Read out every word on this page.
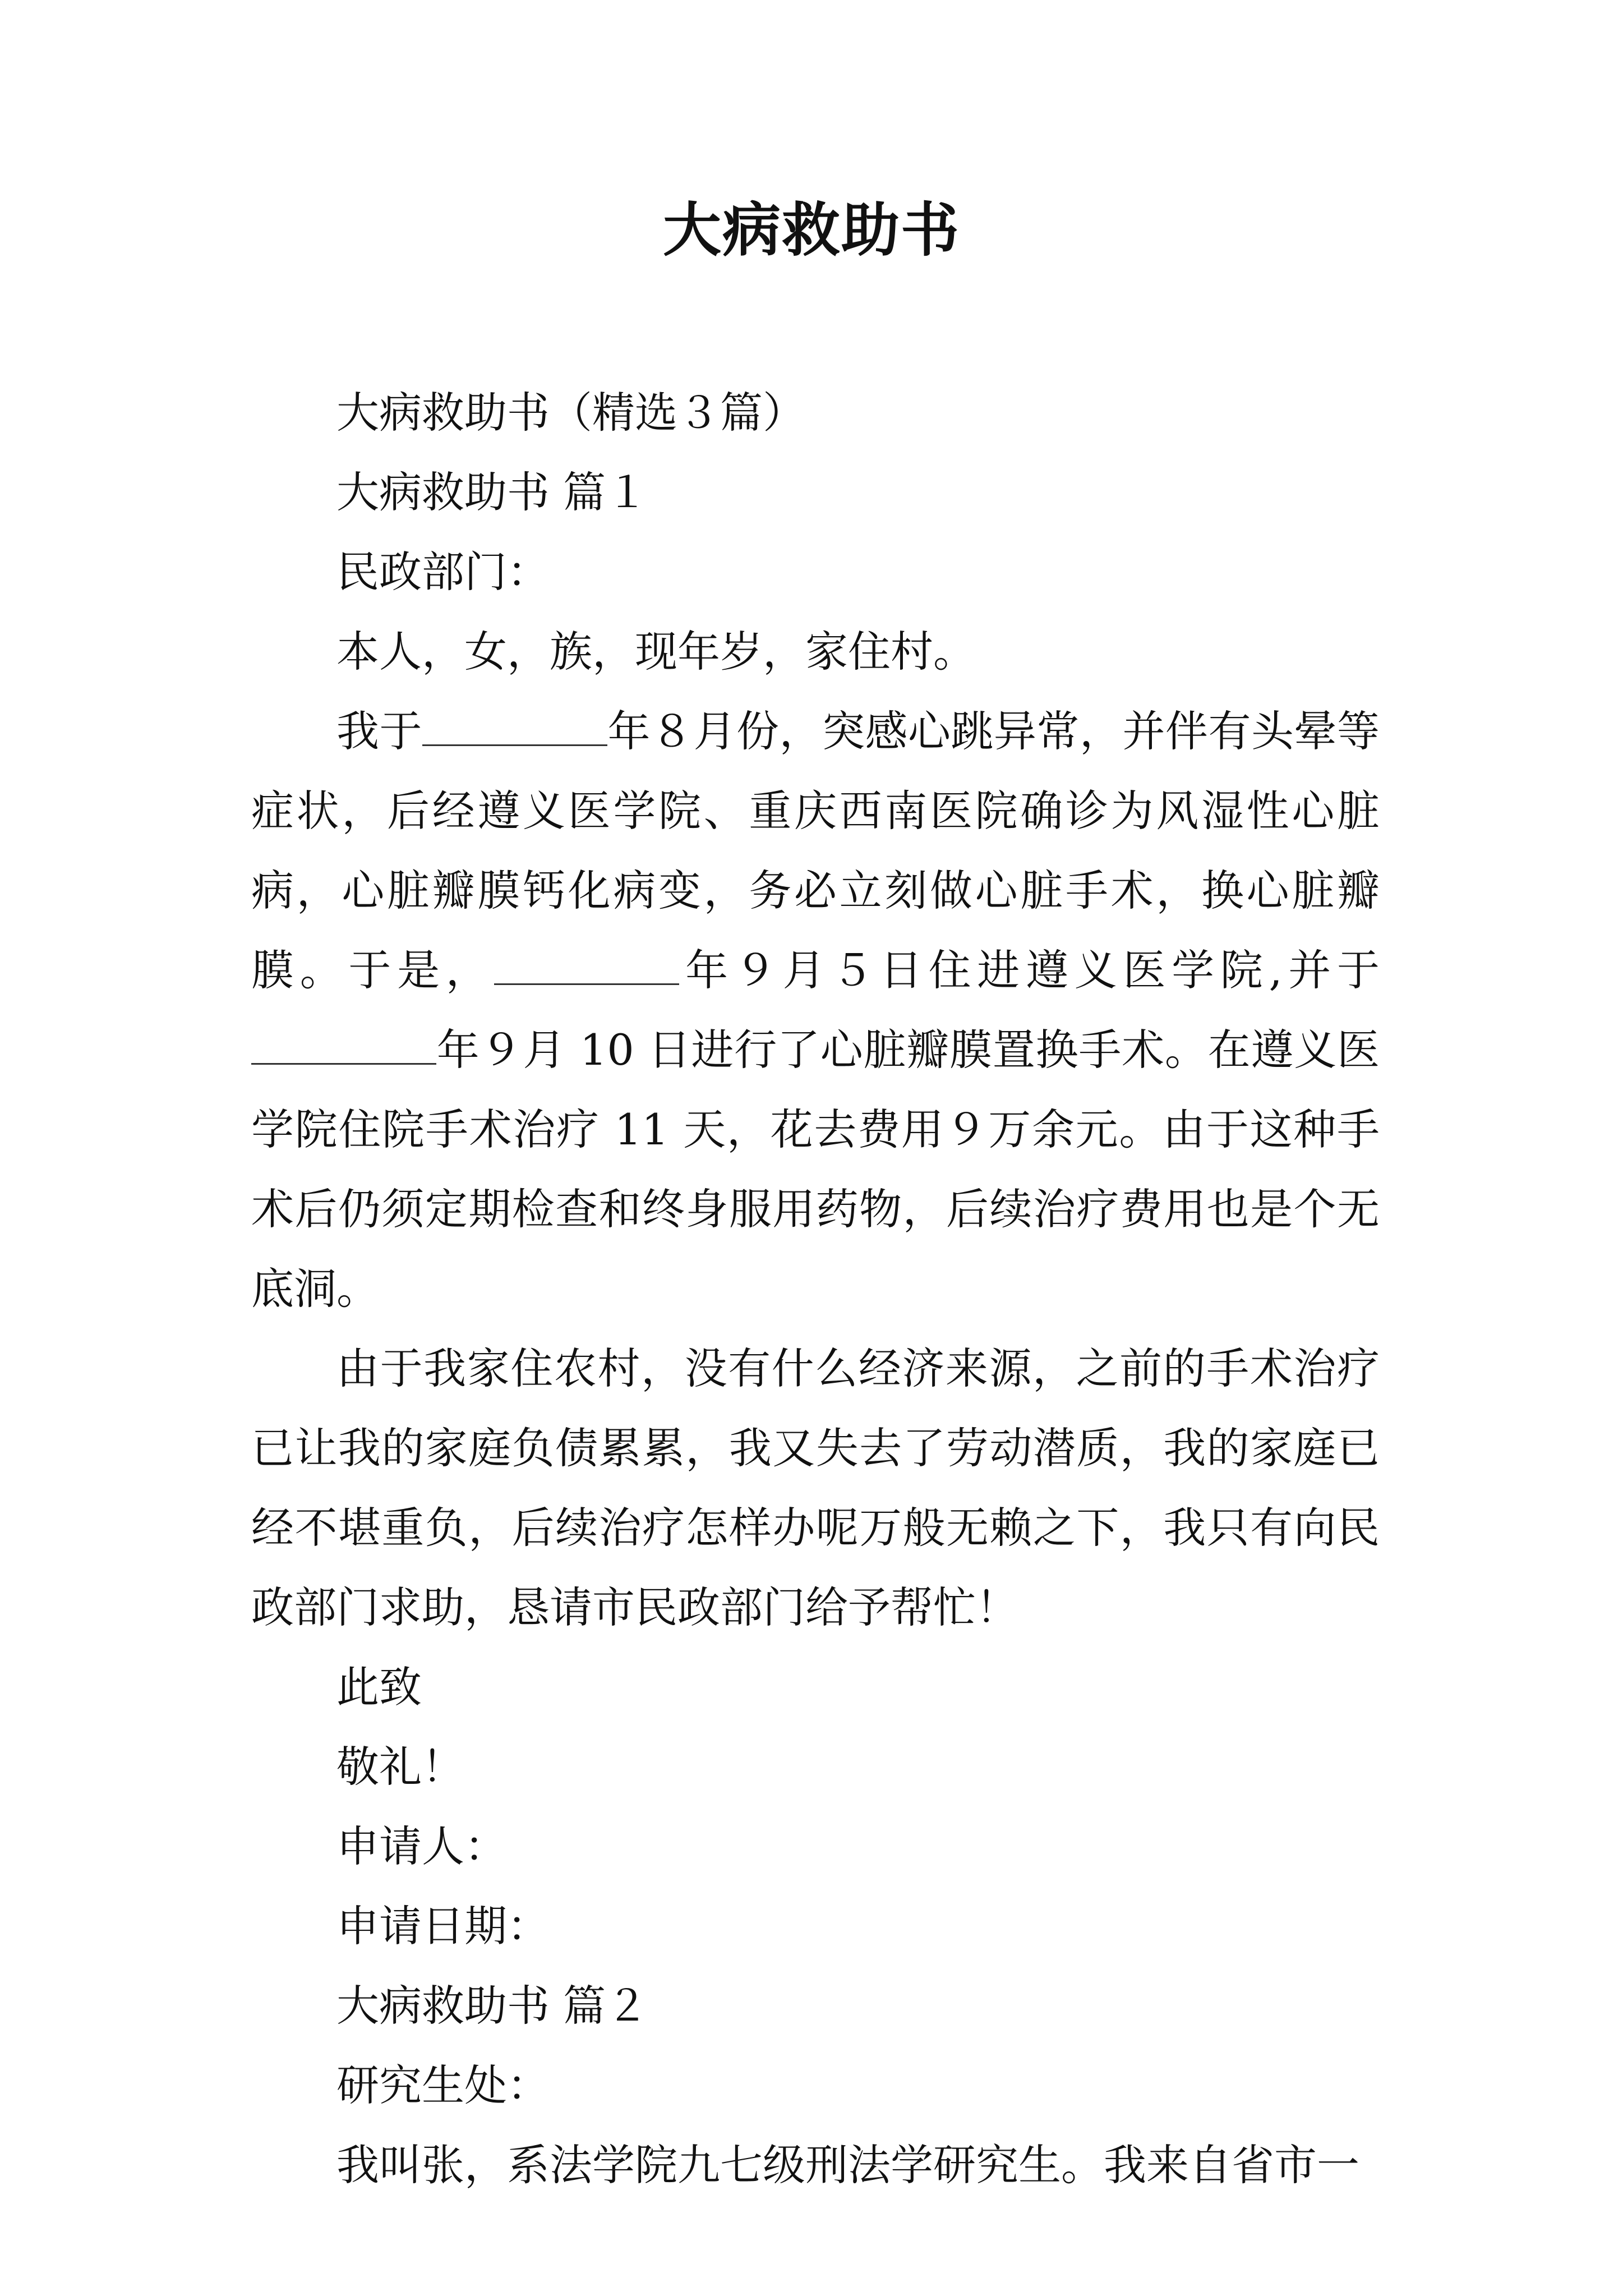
大病救助书

大病救助书（精选３篇）

大病救助书 篇１

民政部门：

本人，女，族，现年岁，家住村。

我于	年８月份，突感心跳异常，并伴有头晕等症状，后经遵义医学院、重庆西南医院确诊为风湿性心脏病，心脏瓣膜钙化病变，务必立刻做心脏手术，换心脏瓣膜。于是，	年９月５日住进遵义医学院,并于年９月 10 日进行了心脏瓣膜置换手术。在遵义医学院住院手术治疗 11 天，花去费用９万余元。由于这种手术后仍须定期检查和终身服用药物，后续治疗费用也是个无底洞。

由于我家住农村，没有什么经济来源，之前的手术治疗已让我的家庭负债累累，我又失去了劳动潜质，我的家庭已经不堪重负，后续治疗怎样办呢万般无赖之下，我只有向民政部门求助，恳请市民政部门给予帮忙！

此致

敬礼！

申请人：

申请日期：

大病救助书 篇２

研究生处：

我叫张，系法学院九七级刑法学研究生。我来自省市一
